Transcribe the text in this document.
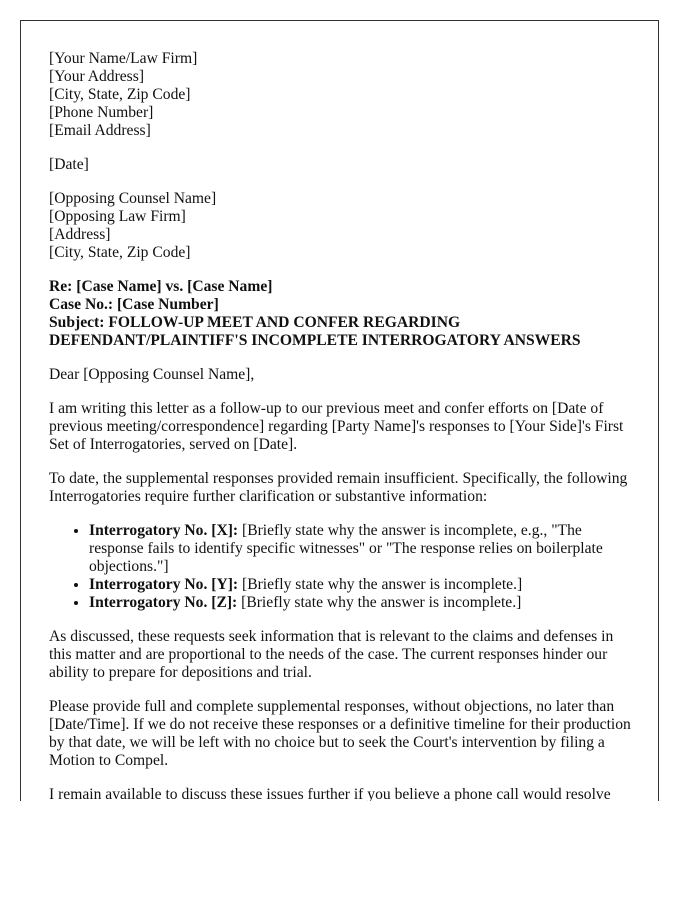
[Your Name/Law Firm]
[Your Address]
[City, State, Zip Code]
[Phone Number]
[Email Address]

[Date]

[Opposing Counsel Name]
[Opposing Law Firm]
[Address]
[City, State, Zip Code]

Re: [Case Name] vs. [Case Name]
Case No.: [Case Number]
Subject: FOLLOW-UP MEET AND CONFER REGARDING DEFENDANT/PLAINTIFF'S INCOMPLETE INTERROGATORY ANSWERS

Dear [Opposing Counsel Name],

I am writing this letter as a follow-up to our previous meet and confer efforts on [Date of previous meeting/correspondence] regarding [Party Name]'s responses to [Your Side]'s First Set of Interrogatories, served on [Date].

To date, the supplemental responses provided remain insufficient. Specifically, the following Interrogatories require further clarification or substantive information:

• Interrogatory No. [X]: [Briefly state why the answer is incomplete, e.g., "The response fails to identify specific witnesses" or "The response relies on boilerplate objections."]
• Interrogatory No. [Y]: [Briefly state why the answer is incomplete.]
• Interrogatory No. [Z]: [Briefly state why the answer is incomplete.]

As discussed, these requests seek information that is relevant to the claims and defenses in this matter and are proportional to the needs of the case. The current responses hinder our ability to prepare for depositions and trial.

Please provide full and complete supplemental responses, without objections, no later than [Date/Time]. If we do not receive these responses or a definitive timeline for their production by that date, we will be left with no choice but to seek the Court's intervention by filing a Motion to Compel.

I remain available to discuss these issues further if you believe a phone call would resolve
